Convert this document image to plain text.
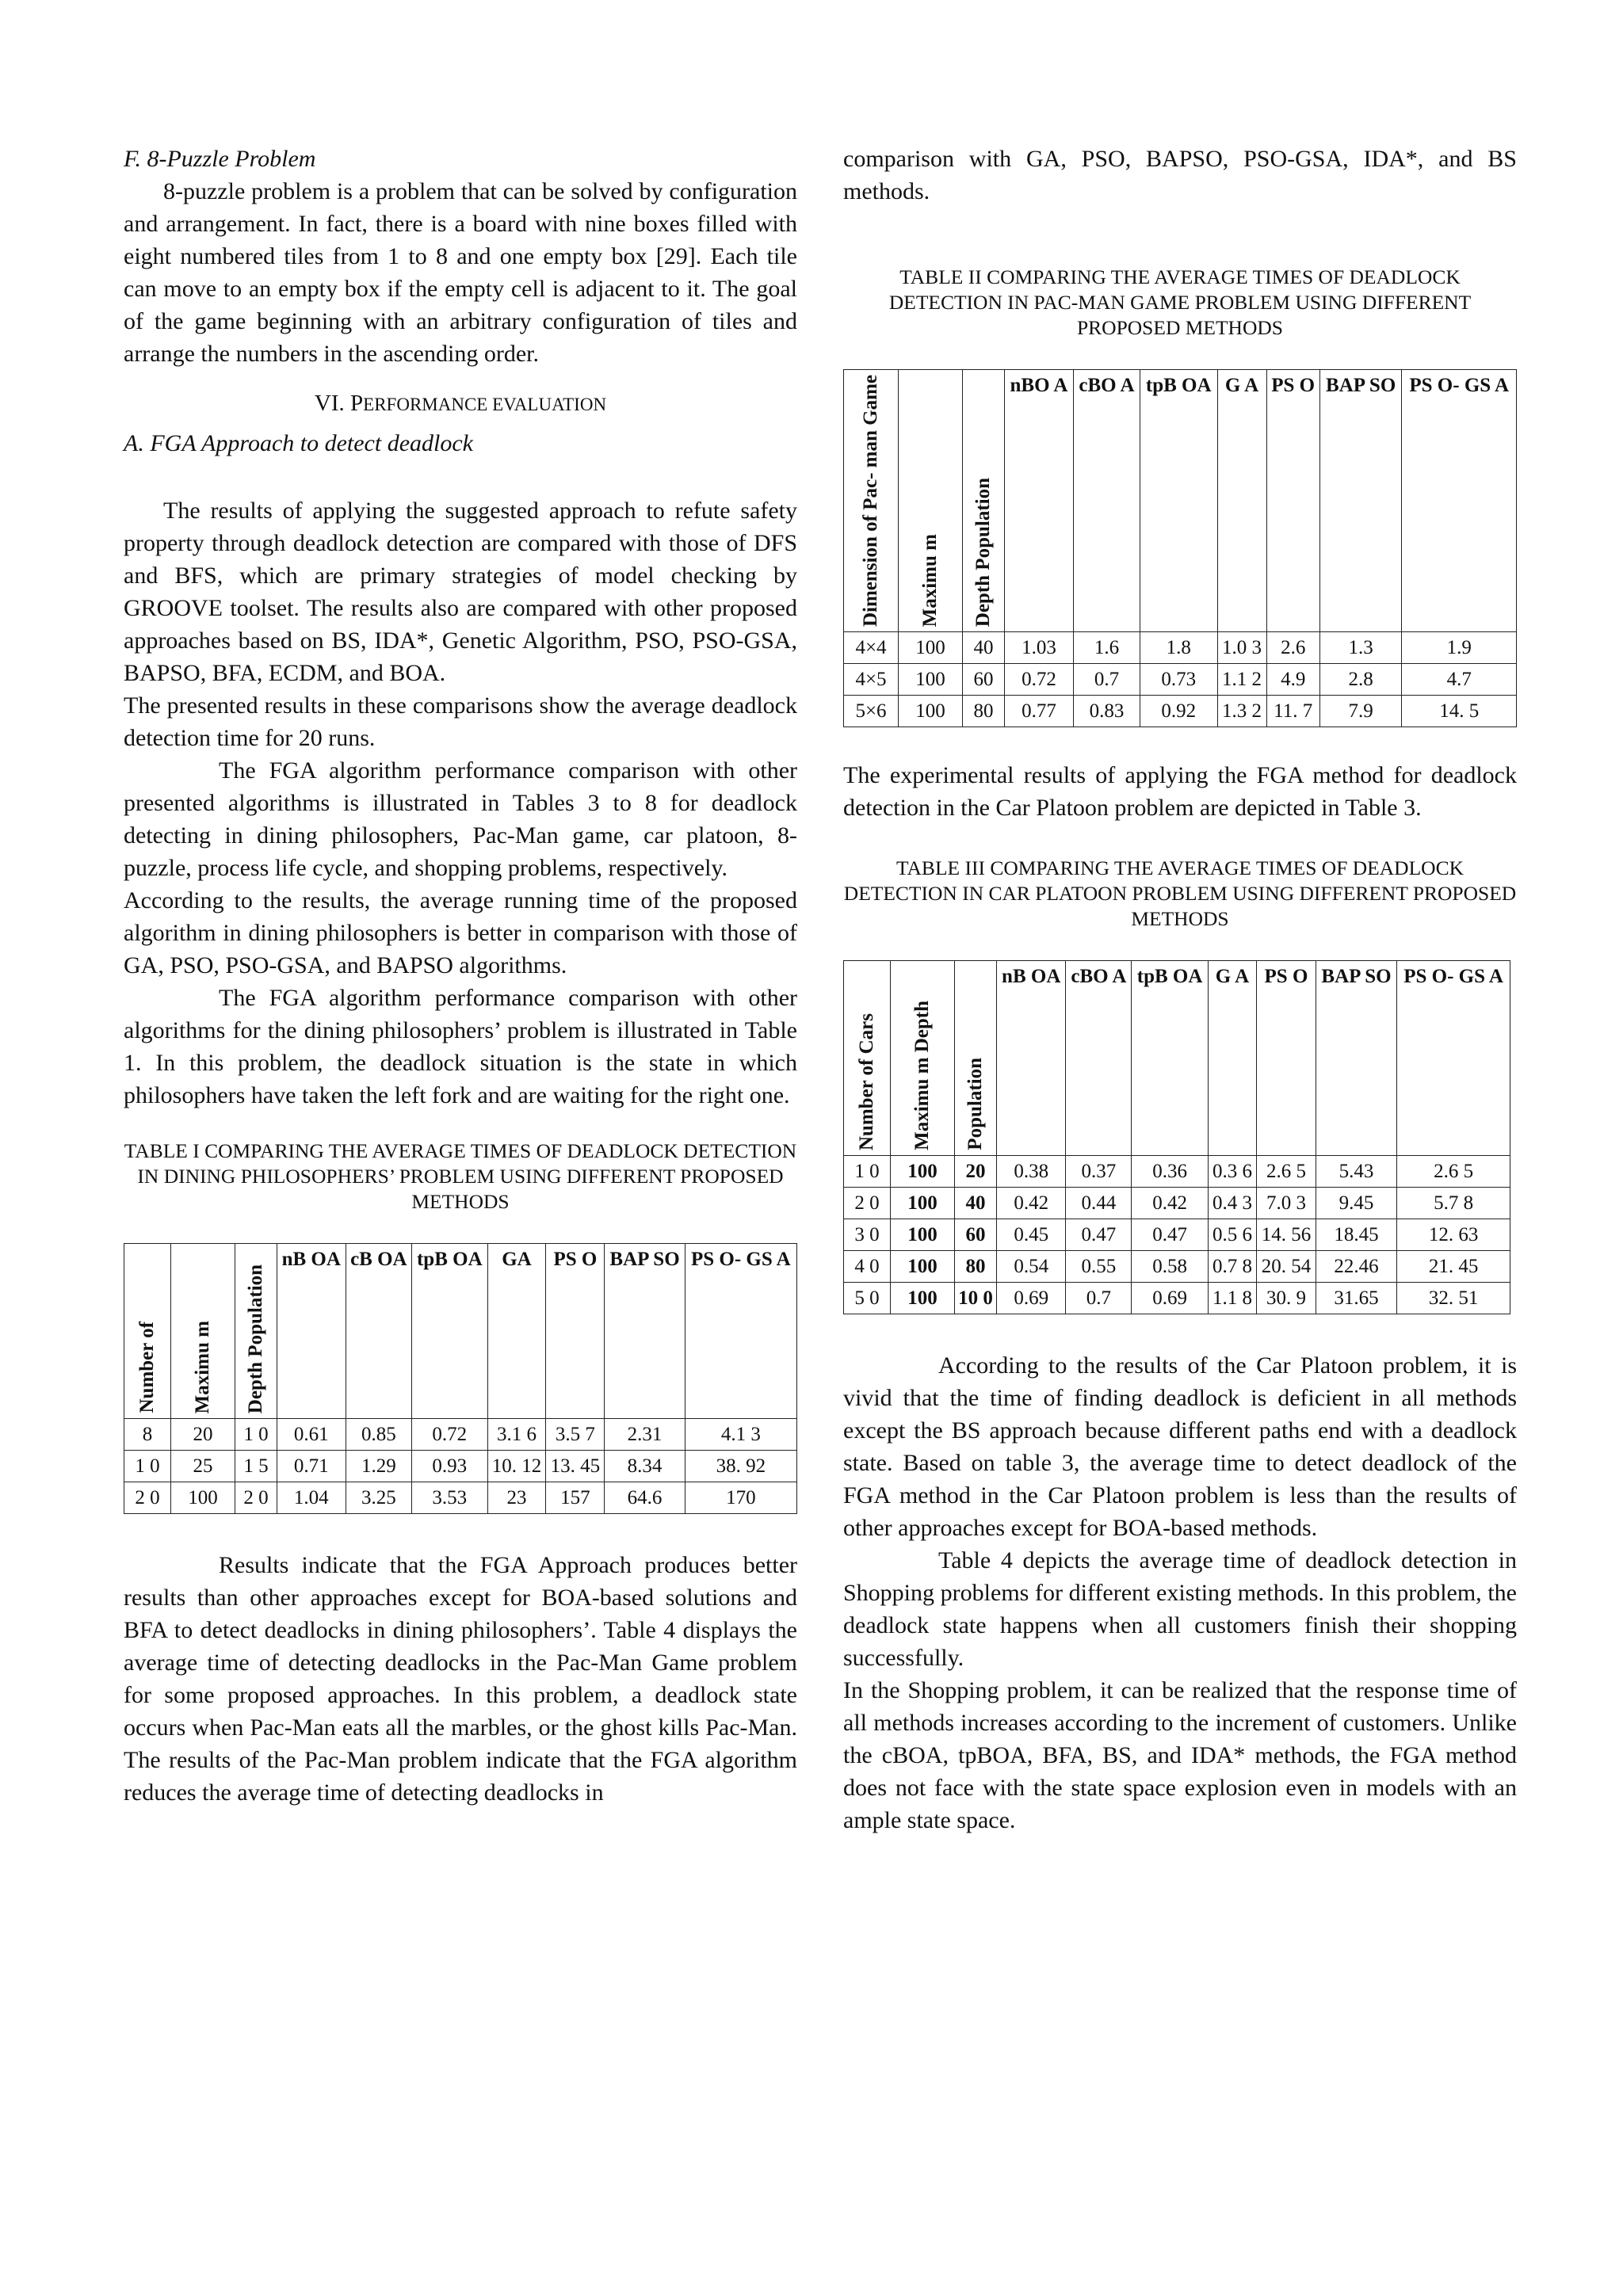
F. 8-Puzzle Problem

8-puzzle problem is a problem that can be solved by configuration and arrangement. In fact, there is a board with nine boxes filled with eight numbered tiles from 1 to 8 and one empty box [29]. Each tile can move to an empty box if the empty cell is adjacent to it. The goal of the game beginning with an arbitrary configuration of tiles and arrange the numbers in the ascending order.

VI. PERFORMANCE EVALUATION

A. FGA Approach to detect deadlock

The results of applying the suggested approach to refute safety property through deadlock detection are compared with those of DFS and BFS, which are primary strategies of model checking by GROOVE toolset. The results also are compared with other proposed approaches based on BS, IDA*, Genetic Algorithm, PSO, PSO-GSA, BAPSO, BFA, ECDM, and BOA.

The presented results in these comparisons show the average deadlock detection time for 20 runs.

The FGA algorithm performance comparison with other presented algorithms is illustrated in Tables 3 to 8 for deadlock detecting in dining philosophers, Pac-Man game, car platoon, 8-puzzle, process life cycle, and shopping problems, respectively.

According to the results, the average running time of the proposed algorithm in dining philosophers is better in comparison with those of GA, PSO, PSO-GSA, and BAPSO algorithms.

The FGA algorithm performance comparison with other algorithms for the dining philosophers’ problem is illustrated in Table 1. In this problem, the deadlock situation is the state in which philosophers have taken the left fork and are waiting for the right one.

TABLE I COMPARING THE AVERAGE TIMES OF DEADLOCK DETECTION IN DINING PHILOSOPHERS’ PROBLEM USING DIFFERENT PROPOSED METHODS
Number of	Maximu m	Depth Population	nB OA	cB OA	tpB OA	GA	PS O	BAP SO	PS O- GS A
8	20	1 0	0.61	0.85	0.72	3.1 6	3.5 7	2.31	4.1 3
1 0	25	1 5	0.71	1.29	0.93	10. 12	13. 45	8.34	38. 92
2 0	100	2 0	1.04	3.25	3.53	23	157	64.6	170

Results indicate that the FGA Approach produces better results than other approaches except for BOA-based solutions and BFA to detect deadlocks in dining philosophers’. Table 4 displays the average time of detecting deadlocks in the Pac-Man Game problem for some proposed approaches. In this problem, a deadlock state occurs when Pac-Man eats all the marbles, or the ghost kills Pac-Man. The results of the Pac-Man problem indicate that the FGA algorithm reduces the average time of detecting deadlocks in

comparison with GA, PSO, BAPSO, PSO-GSA, IDA*, and BS methods.

TABLE II COMPARING THE AVERAGE TIMES OF DEADLOCK DETECTION IN PAC-MAN GAME PROBLEM USING DIFFERENT PROPOSED METHODS
Dimension of Pac- man Game	Maximu m	Depth Population	nBO A	cBO A	tpB OA	G A	PS O	BAP SO	PS O- GS A
4×4	100	40	1.03	1.6	1.8	1.0 3	2.6	1.3	1.9
4×5	100	60	0.72	0.7	0.73	1.1 2	4.9	2.8	4.7
5×6	100	80	0.77	0.83	0.92	1.3 2	11. 7	7.9	14. 5

The experimental results of applying the FGA method for deadlock detection in the Car Platoon problem are depicted in Table 3.

TABLE III COMPARING THE AVERAGE TIMES OF DEADLOCK DETECTION IN CAR PLATOON PROBLEM USING DIFFERENT PROPOSED METHODS
Number of Cars	Maximu m Depth	Population	nB OA	cBO A	tpB OA	G A	PS O	BAP SO	PS O- GS A
1 0	100	20	0.38	0.37	0.36	0.3 6	2.6 5	5.43	2.6 5
2 0	100	40	0.42	0.44	0.42	0.4 3	7.0 3	9.45	5.7 8
3 0	100	60	0.45	0.47	0.47	0.5 6	14. 56	18.45	12. 63
4 0	100	80	0.54	0.55	0.58	0.7 8	20. 54	22.46	21. 45
5 0	100	10 0	0.69	0.7	0.69	1.1 8	30. 9	31.65	32. 51

According to the results of the Car Platoon problem, it is vivid that the time of finding deadlock is deficient in all methods except the BS approach because different paths end with a deadlock state. Based on table 3, the average time to detect deadlock of the FGA method in the Car Platoon problem is less than the results of other approaches except for BOA-based methods.

Table 4 depicts the average time of deadlock detection in Shopping problems for different existing methods. In this problem, the deadlock state happens when all customers finish their shopping successfully.

In the Shopping problem, it can be realized that the response time of all methods increases according to the increment of customers. Unlike the cBOA, tpBOA, BFA, BS, and IDA* methods, the FGA method does not face with the state space explosion even in models with an ample state space.
